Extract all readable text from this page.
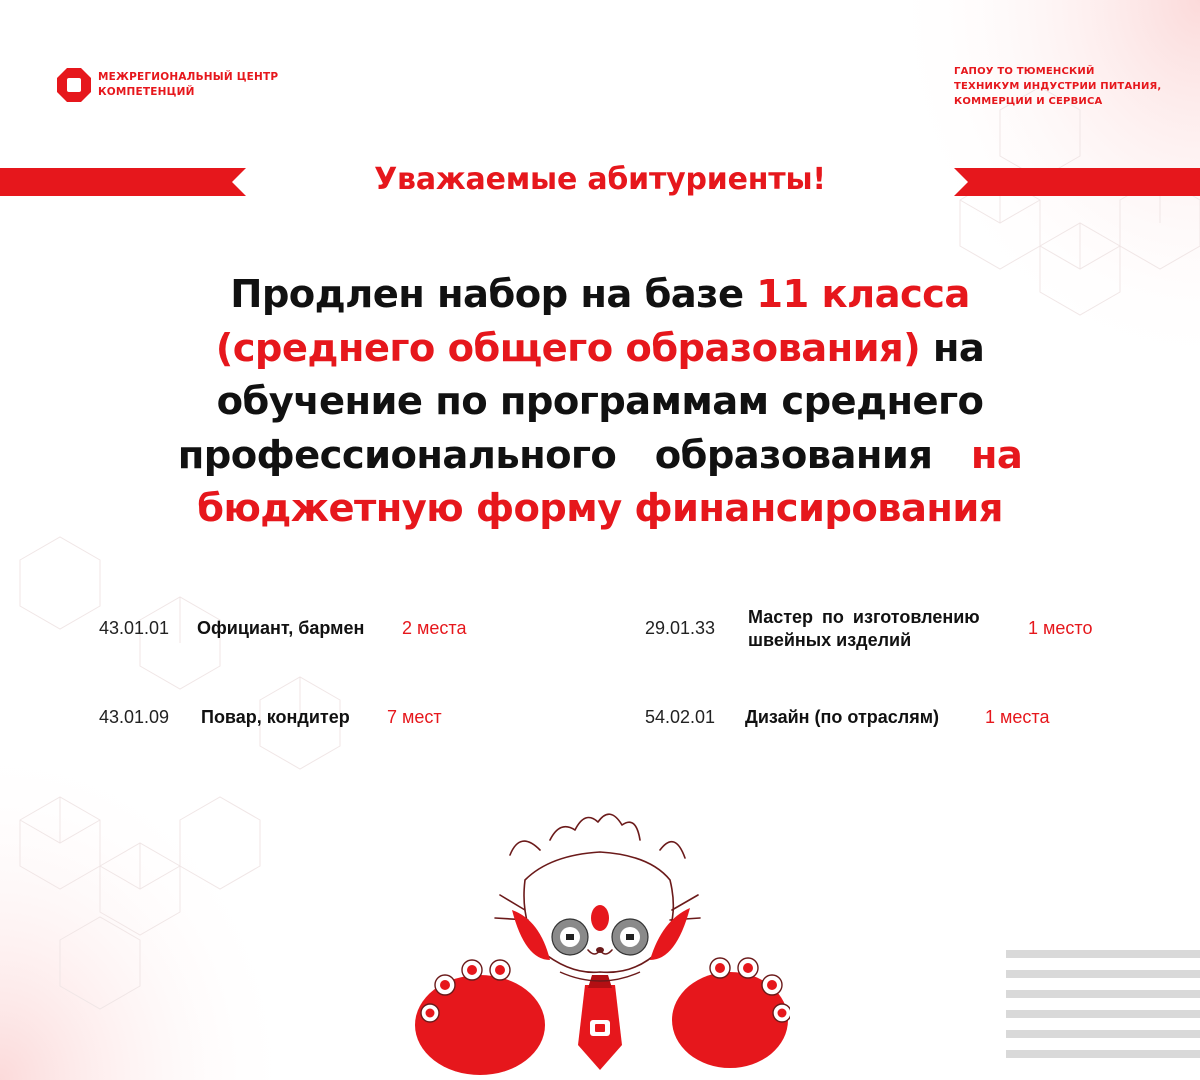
МЕЖРЕГИОНАЛЬНЫЙ ЦЕНТР
КОМПЕТЕНЦИЙ
ГАПОУ ТО ТЮМЕНСКИЙ
ТЕХНИКУМ ИНДУСТРИИ ПИТАНИЯ,
КОММЕРЦИИ И СЕРВИСА
Уважаемые абитуриенты!
Продлен набор на базе 11 класса
(среднего общего образования) на
обучение по программам среднего
профессионального   образования   на
бюджетную форму финансирования
43.01.01 Официант, бармен 2 места
43.01.09 Повар, кондитер 7 мест
29.01.33
Мастер по изготовлению
швейных изделий
1 место
54.02.01 Дизайн (по отраслям)	1 места
